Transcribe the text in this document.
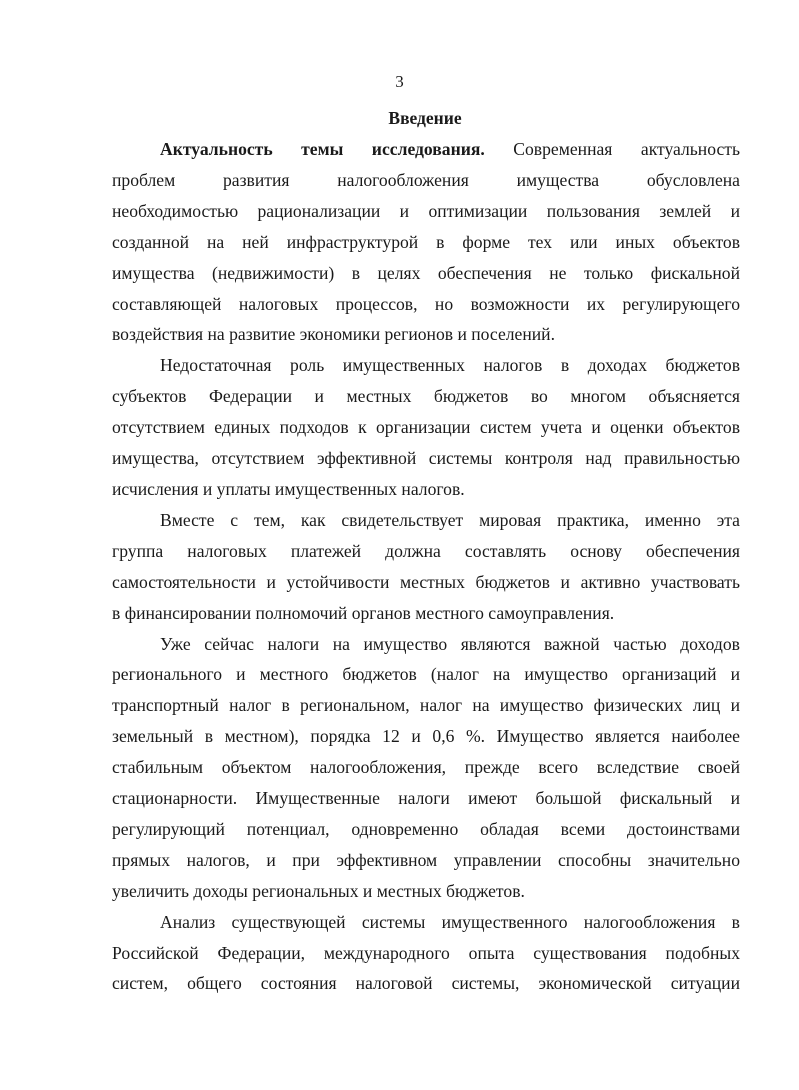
3
Введение
Актуальность темы исследования. Современная актуальность
проблем развития налогообложения имущества обусловлена
необходимостью рационализации и оптимизации пользования землей и
созданной на ней инфраструктурой в форме тех или иных объектов
имущества (недвижимости) в целях обеспечения не только фискальной
составляющей налоговых процессов, но возможности их регулирующего
воздействия на развитие экономики регионов и поселений.
Недостаточная роль имущественных налогов в доходах бюджетов
субъектов Федерации и местных бюджетов во многом объясняется
отсутствием единых подходов к организации систем учета и оценки объектов
имущества, отсутствием эффективной системы контроля над правильностью
исчисления и уплаты имущественных налогов.
Вместе с тем, как свидетельствует мировая практика, именно эта
группа налоговых платежей должна составлять основу обеспечения
самостоятельности и устойчивости местных бюджетов и активно участвовать
в финансировании полномочий органов местного самоуправления.
Уже сейчас налоги на имущество являются важной частью доходов
регионального и местного бюджетов (налог на имущество организаций и
транспортный налог в региональном, налог на имущество физических лиц и
земельный в местном), порядка 12 и 0,6 %. Имущество является наиболее
стабильным объектом налогообложения, прежде всего вследствие своей
стационарности. Имущественные налоги имеют большой фискальный и
регулирующий потенциал, одновременно обладая всеми достоинствами
прямых налогов, и при эффективном управлении способны значительно
увеличить доходы региональных и местных бюджетов.
Анализ существующей системы имущественного налогообложения в
Российской Федерации, международного опыта существования подобных
систем, общего состояния налоговой системы, экономической ситуации
